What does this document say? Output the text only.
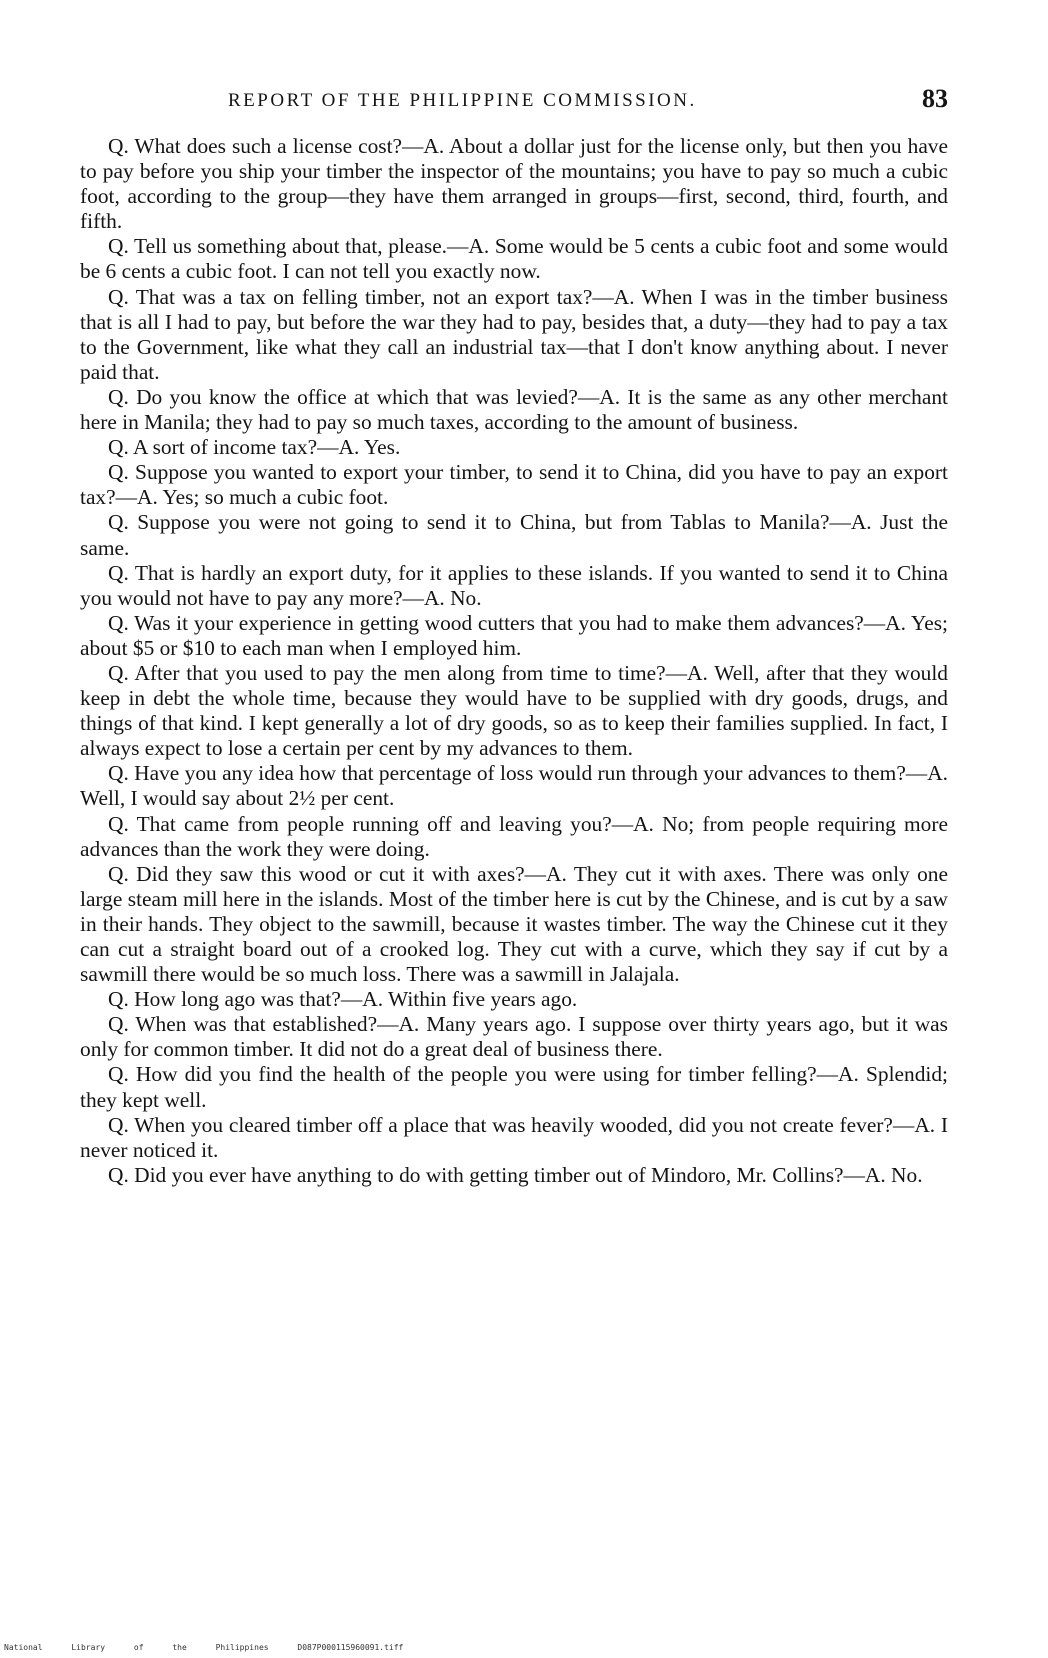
REPORT OF THE PHILIPPINE COMMISSION.	83

Q. What does such a license cost?—A. About a dollar just for the license only, but then you have to pay before you ship your timber the inspector of the mountains; you have to pay so much a cubic foot, according to the group—they have them arranged in groups—first, second, third, fourth, and fifth.

Q. Tell us something about that, please.—A. Some would be 5 cents a cubic foot and some would be 6 cents a cubic foot. I can not tell you exactly now.

Q. That was a tax on felling timber, not an export tax?—A. When I was in the timber business that is all I had to pay, but before the war they had to pay, besides that, a duty—they had to pay a tax to the Government, like what they call an industrial tax—that I don't know anything about. I never paid that.

Q. Do you know the office at which that was levied?—A. It is the same as any other merchant here in Manila; they had to pay so much taxes, according to the amount of business.

Q. A sort of income tax?—A. Yes.

Q. Suppose you wanted to export your timber, to send it to China, did you have to pay an export tax?—A. Yes; so much a cubic foot.

Q. Suppose you were not going to send it to China, but from Tablas to Manila?—A. Just the same.

Q. That is hardly an export duty, for it applies to these islands. If you wanted to send it to China you would not have to pay any more?—A. No.

Q. Was it your experience in getting wood cutters that you had to make them advances?—A. Yes; about $5 or $10 to each man when I employed him.

Q. After that you used to pay the men along from time to time?—A. Well, after that they would keep in debt the whole time, because they would have to be supplied with dry goods, drugs, and things of that kind. I kept generally a lot of dry goods, so as to keep their families supplied. In fact, I always expect to lose a certain per cent by my advances to them.

Q. Have you any idea how that percentage of loss would run through your advances to them?—A. Well, I would say about 2½ per cent.

Q. That came from people running off and leaving you?—A. No; from people requiring more advances than the work they were doing.

Q. Did they saw this wood or cut it with axes?—A. They cut it with axes. There was only one large steam mill here in the islands. Most of the timber here is cut by the Chinese, and is cut by a saw in their hands. They object to the sawmill, because it wastes timber. The way the Chinese cut it they can cut a straight board out of a crooked log. They cut with a curve, which they say if cut by a sawmill there would be so much loss. There was a sawmill in Jalajala.

Q. How long ago was that?—A. Within five years ago.

Q. When was that established?—A. Many years ago. I suppose over thirty years ago, but it was only for common timber. It did not do a great deal of business there.

Q. How did you find the health of the people you were using for timber felling?—A. Splendid; they kept well.

Q. When you cleared timber off a place that was heavily wooded, did you not create fever?—A. I never noticed it.

Q. Did you ever have anything to do with getting timber out of Mindoro, Mr. Collins?—A. No.

National Library of the Philippines	D087P000115960091.tiff
